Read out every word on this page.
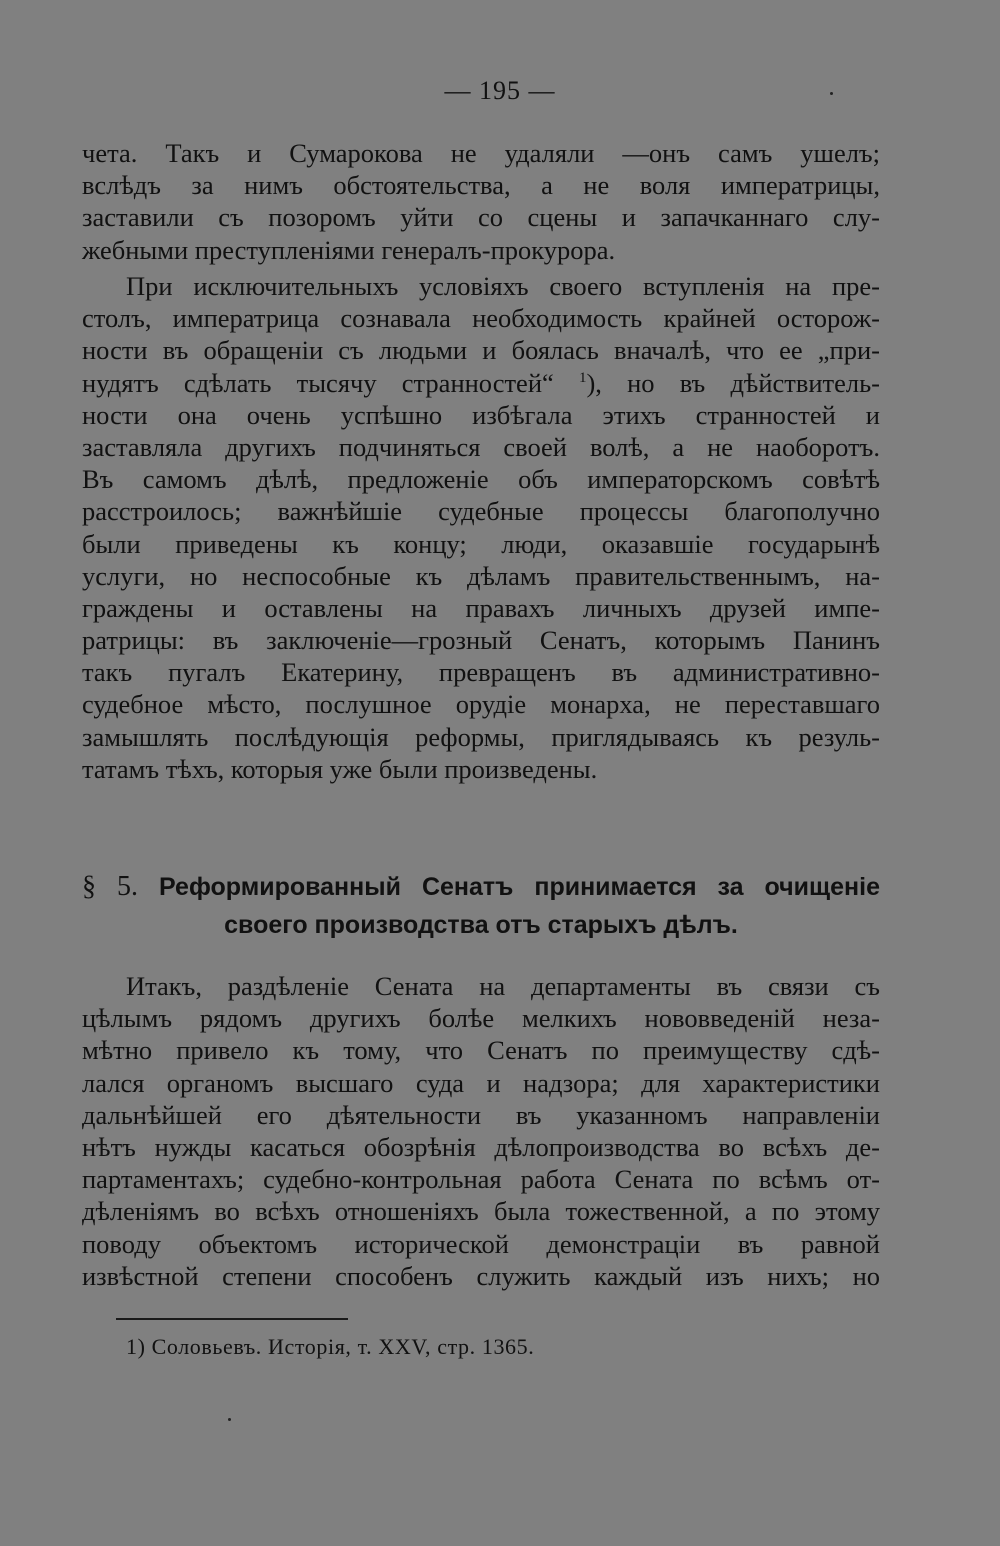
— 195 —
чета. Такъ и Сумарокова не удаляли —онъ самъ ушелъ;
вслѣдъ за нимъ обстоятельства, а не воля императрицы,
заставили съ позоромъ уйти со сцены и запачканнаго слу-
жебными преступленіями генералъ-прокурора.
При исключительныхъ условіяхъ своего вступленія на пре-
столъ, императрица сознавала необходимость крайней осторож-
ности въ обращеніи съ людьми и боялась вначалѣ, что ее „при-
нудятъ сдѣлать тысячу странностей“ $^1$), но въ дѣйствитель-
ности она очень успѣшно избѣгала этихъ странностей и
заставляла другихъ подчиняться своей волѣ, а не наоборотъ.
Въ самомъ дѣлѣ, предложеніе объ императорскомъ совѣтѣ
расстроилось; важнѣйшіе судебные процессы благополучно
были приведены къ концу; люди, оказавшіе государынѣ
услуги, но неспособные къ дѣламъ правительственнымъ, на-
граждены и оставлены на правахъ личныхъ друзей импе-
ратрицы: въ заключеніе—грозный Сенатъ, которымъ Панинъ
такъ пугалъ Екатерину, превращенъ въ административно-
судебное мѣсто, послушное орудіе монарха, не переставшаго
замышлять послѣдующія реформы, приглядываясь къ резуль-
татамъ тѣхъ, которыя уже были произведены.
§ 5. Реформированный Сенатъ принимается за очищеніе
своего производства отъ старыхъ дѣлъ.
Итакъ, раздѣленіе Сената на департаменты въ связи съ
цѣлымъ рядомъ другихъ болѣе мелкихъ нововведеній неза-
мѣтно привело къ тому, что Сенатъ по преимуществу сдѣ-
лался органомъ высшаго суда и надзора; для характеристики
дальнѣйшей его дѣятельности въ указанномъ направленіи
нѣтъ нужды касаться обозрѣнія дѣлопроизводства во всѣхъ де-
партаментахъ; судебно-контрольная работа Сената по всѣмъ от-
дѣленіямъ во всѣхъ отношеніяхъ была тожественной, а по этому
поводу объектомъ исторической демонстраціи въ равной
извѣстной степени способенъ служить каждый изъ нихъ; но
1) Соловьевъ. Исторія, т. XXV, стр. 1365.
